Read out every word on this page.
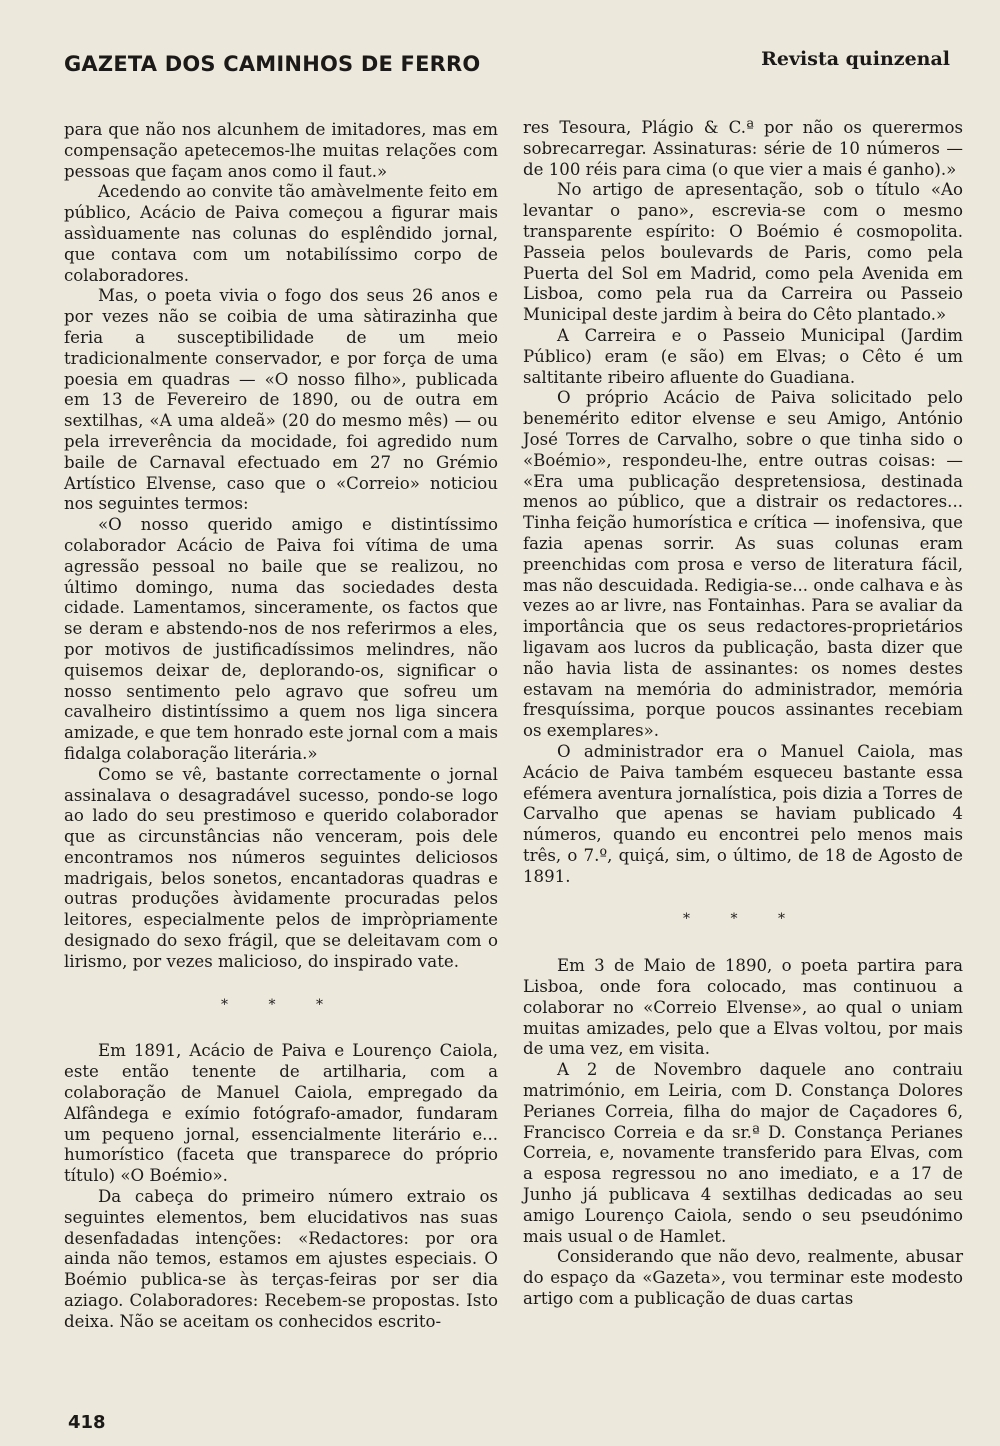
GAZETA DOS CAMINHOS DE FERRO	Revista quinzenal

para que não nos alcunhem de imitadores, mas em compensação apetecemos-lhe muitas relações com pessoas que façam anos como il faut.»

Acedendo ao convite tão amàvelmente feito em público, Acácio de Paiva começou a figurar mais assìduamente nas colunas do esplêndido jornal, que contava com um notabilíssimo corpo de colaboradores.

Mas, o poeta vivia o fogo dos seus 26 anos e por vezes não se coibia de uma sàtirazinha que feria a susceptibilidade de um meio tradicionalmente conservador, e por força de uma poesia em quadras — «O nosso filho», publicada em 13 de Fevereiro de 1890, ou de outra em sextilhas, «A uma aldeã» (20 do mesmo mês) — ou pela irreverência da mocidade, foi agredido num baile de Carnaval efectuado em 27 no Grémio Artístico Elvense, caso que o «Correio» noticiou nos seguintes termos:

«O nosso querido amigo e distintíssimo colaborador Acácio de Paiva foi vítima de uma agressão pessoal no baile que se realizou, no último domingo, numa das sociedades desta cidade. Lamentamos, sinceramente, os factos que se deram e abstendo-nos de nos referirmos a eles, por motivos de justificadíssimos melindres, não quisemos deixar de, deplorando-os, significar o nosso sentimento pelo agravo que sofreu um cavalheiro distintíssimo a quem nos liga sincera amizade, e que tem honrado este jornal com a mais fidalga colaboração literária.»

Como se vê, bastante correctamente o jornal assinalava o desagradável sucesso, pondo-se logo ao lado do seu prestimoso e querido colaborador que as circunstâncias não venceram, pois dele encontramos nos números seguintes deliciosos madrigais, belos sonetos, encantadoras quadras e outras produções àvidamente procuradas pelos leitores, especialmente pelos de impròpriamente designado do sexo frágil, que se deleitavam com o lirismo, por vezes malicioso, do inspirado vate.

* * *

Em 1891, Acácio de Paiva e Lourenço Caiola, este então tenente de artilharia, com a colaboração de Manuel Caiola, empregado da Alfândega e exímio fotógrafo-amador, fundaram um pequeno jornal, essencialmente literário e... humorístico (faceta que transparece do próprio título) «O Boémio».

Da cabeça do primeiro número extraio os seguintes elementos, bem elucidativos nas suas desenfadadas intenções: «Redactores: por ora ainda não temos, estamos em ajustes especiais. O Boémio publica-se às terças-feiras por ser dia aziago. Colaboradores: Recebem-se propostas. Isto deixa. Não se aceitam os conhecidos escrito-

res Tesoura, Plágio & C.ª por não os querermos sobrecarregar. Assinaturas: série de 10 números — de 100 réis para cima (o que vier a mais é ganho).»

No artigo de apresentação, sob o título «Ao levantar o pano», escrevia-se com o mesmo transparente espírito: O Boémio é cosmopolita. Passeia pelos boulevards de Paris, como pela Puerta del Sol em Madrid, como pela Avenida em Lisboa, como pela rua da Carreira ou Passeio Municipal deste jardim à beira do Cêto plantado.»

A Carreira e o Passeio Municipal (Jardim Público) eram (e são) em Elvas; o Cêto é um saltitante ribeiro afluente do Guadiana.

O próprio Acácio de Paiva solicitado pelo benemérito editor elvense e seu Amigo, António José Torres de Carvalho, sobre o que tinha sido o «Boémio», respondeu-lhe, entre outras coisas: — «Era uma publicação despretensiosa, destinada menos ao público, que a distrair os redactores... Tinha feição humorística e crítica — inofensiva, que fazia apenas sorrir. As suas colunas eram preenchidas com prosa e verso de literatura fácil, mas não descuidada. Redigia-se... onde calhava e às vezes ao ar livre, nas Fontainhas. Para se avaliar da importância que os seus redactores-proprietários ligavam aos lucros da publicação, basta dizer que não havia lista de assinantes: os nomes destes estavam na memória do administrador, memória fresquíssima, porque poucos assinantes recebiam os exemplares».

O administrador era o Manuel Caiola, mas Acácio de Paiva também esqueceu bastante essa efémera aventura jornalística, pois dizia a Torres de Carvalho que apenas se haviam publicado 4 números, quando eu encontrei pelo menos mais três, o 7.º, quiçá, sim, o último, de 18 de Agosto de 1891.

* * *

Em 3 de Maio de 1890, o poeta partira para Lisboa, onde fora colocado, mas continuou a colaborar no «Correio Elvense», ao qual o uniam muitas amizades, pelo que a Elvas voltou, por mais de uma vez, em visita.

A 2 de Novembro daquele ano contraiu matrimónio, em Leiria, com D. Constança Dolores Perianes Correia, filha do major de Caçadores 6, Francisco Correia e da sr.ª D. Constança Perianes Correia, e, novamente transferido para Elvas, com a esposa regressou no ano imediato, e a 17 de Junho já publicava 4 sextilhas dedicadas ao seu amigo Lourenço Caiola, sendo o seu pseudónimo mais usual o de Hamlet.

Considerando que não devo, realmente, abusar do espaço da «Gazeta», vou terminar este modesto artigo com a publicação de duas cartas

418
